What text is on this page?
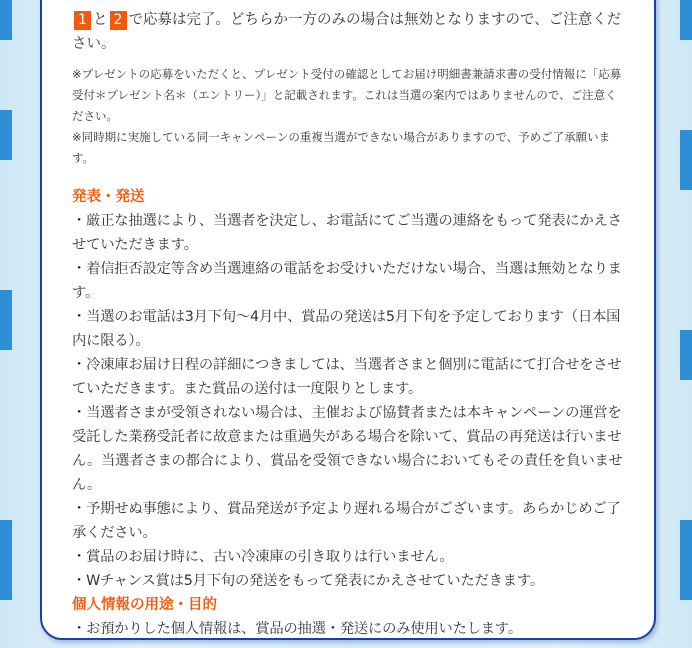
1 と 2 で応募は完了。どちらか一方のみの場合は無効となりますので、ご注意ください。

※プレゼントの応募をいただくと、プレゼント受付の確認としてお届け明細書兼請求書の受付情報に「応募受付＊プレゼント名＊（エントリー）」と記載されます。これは当選の案内ではありませんので、ご注意ください。

※同時期に実施している同一キャンペーンの重複当選ができない場合がありますので、予めご了承願います。

発表・発送

・厳正な抽選により、当選者を決定し、お電話にてご当選の連絡をもって発表にかえさせていただきます。

・着信拒否設定等含め当選連絡の電話をお受けいただけない場合、当選は無効となります。

・当選のお電話は3月下旬〜4月中、賞品の発送は5月下旬を予定しております（日本国内に限る）。

・冷凍庫お届け日程の詳細につきましては、当選者さまと個別に電話にて打合せをさせていただきます。また賞品の送付は一度限りとします。

・当選者さまが受領されない場合は、主催および協賛者または本キャンペーンの運営を受託した業務受託者に故意または重過失がある場合を除いて、賞品の再発送は行いません。当選者さまの都合により、賞品を受領できない場合においてもその責任を負いません。

・予期せぬ事態により、賞品発送が予定より遅れる場合がございます。あらかじめご了承ください。

・賞品のお届け時に、古い冷凍庫の引き取りは行いません。

・Wチャンス賞は5月下旬の発送をもって発表にかえさせていただきます。

個人情報の用途・目的

・お預かりした個人情報は、賞品の抽選・発送にのみ使用いたします。
